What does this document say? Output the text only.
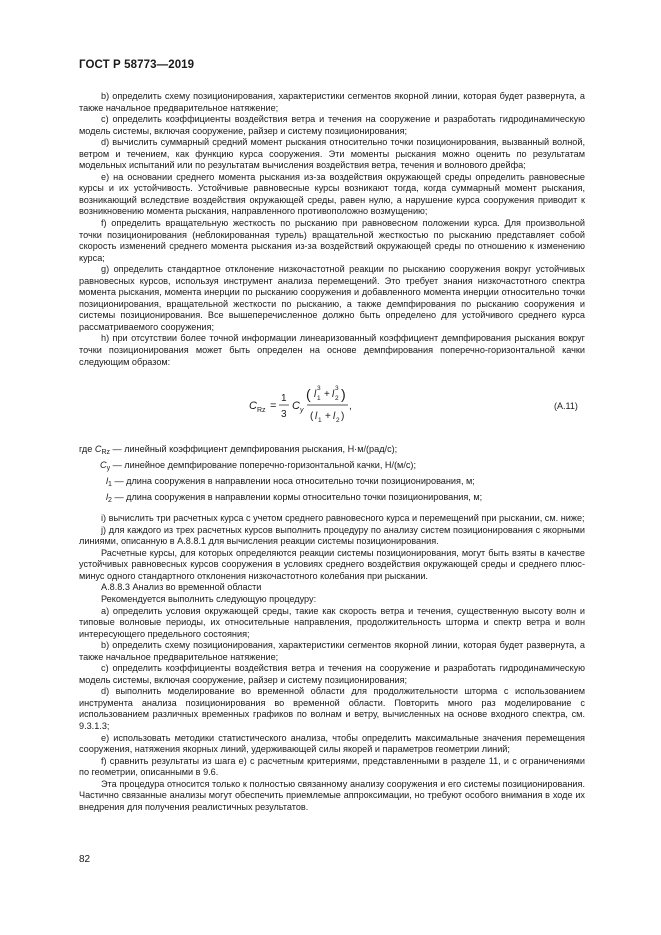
ГОСТ Р 58773—2019

b) определить схему позиционирования, характеристики сегментов якорной линии, которая будет развернута, а также начальное предварительное натяжение;

c) определить коэффициенты воздействия ветра и течения на сооружение и разработать гидродинамическую модель системы, включая сооружение, райзер и систему позиционирования;

d) вычислить суммарный средний момент рыскания относительно точки позиционирования, вызванный волной, ветром и течением, как функцию курса сооружения. Эти моменты рыскания можно оценить по результатам модельных испытаний или по результатам вычисления воздействия ветра, течения и волнового дрейфа;

e) на основании среднего момента рыскания из-за воздействия окружающей среды определить равновесные курсы и их устойчивость. Устойчивые равновесные курсы возникают тогда, когда суммарный момент рыскания, возникающий вследствие воздействия окружающей среды, равен нулю, а нарушение курса сооружения приводит к возникновению момента рыскания, направленного противоположно возмущению;

f) определить вращательную жесткость по рысканию при равновесном положении курса. Для произвольной точки позиционирования (неблокированная турель) вращательной жесткостью по рысканию представляет собой скорость изменений среднего момента рыскания из-за воздействий окружающей среды по отношению к изменению курса;

g) определить стандартное отклонение низкочастотной реакции по рысканию сооружения вокруг устойчивых равновесных курсов, используя инструмент анализа перемещений. Это требует знания низкочастотного спектра момента рыскания, момента инерции по рысканию сооружения и добавленного момента инерции относительно точки позиционирования, вращательной жесткости по рысканию, а также демпфирования по рысканию сооружения и системы позиционирования. Все вышеперечисленное должно быть определено для устойчивого среднего курса рассматриваемого сооружения;

h) при отсутствии более точной информации линеаризованный коэффициент демпфирования рыскания вокруг точки позиционирования может быть определен на основе демпфирования поперечно-горизонтальной качки следующим образом:

C Rz =
1
3
C y
( l 1
3
+ l 2
3 )
( l 1 + l 2 )
,	(A.11)
где $C_{Rz}$ — линейный коэффициент демпфирования рыскания, Н·м/(рад/с);
$C_y$ — линейное демпфирование поперечно-горизонтальной качки, Н/(м/с);
$l_1$ — длина сооружения в направлении носа относительно точки позиционирования, м;
$l_2$ — длина сооружения в направлении кормы относительно точки позиционирования, м;

i) вычислить три расчетных курса с учетом среднего равновесного курса и перемещений при рыскании, см. ниже;

j) для каждого из трех расчетных курсов выполнить процедуру по анализу систем позиционирования с якорными линиями, описанную в А.8.8.1 для вычисления реакции системы позиционирования.

Расчетные курсы, для которых определяются реакции системы позиционирования, могут быть взяты в качестве устойчивых равновесных курсов сооружения в условиях среднего воздействия окружающей среды и среднего плюс-минус одного стандартного отклонения низкочастотного колебания при рыскании.

А.8.8.3 Анализ во временной области

Рекомендуется выполнить следующую процедуру:

а) определить условия окружающей среды, такие как скорость ветра и течения, существенную высоту волн и типовые волновые периоды, их относительные направления, продолжительность шторма и спектр ветра и волн интересующего предельного состояния;

b) определить схему позиционирования, характеристики сегментов якорной линии, которая будет развернута, а также начальное предварительное натяжение;

c) определить коэффициенты воздействия ветра и течения на сооружение и разработать гидродинамическую модель системы, включая сооружение, райзер и систему позиционирования;

d) выполнить моделирование во временной области для продолжительности шторма с использованием инструмента анализа позиционирования во временной области. Повторить много раз моделирование с использованием различных временных графиков по волнам и ветру, вычисленных на основе входного спектра, см. 9.3.1.3;

e) использовать методики статистического анализа, чтобы определить максимальные значения перемещения сооружения, натяжения якорных линий, удерживающей силы якорей и параметров геометрии линий;

f) сравнить результаты из шага e) с расчетным критериями, представленными в разделе 11, и с ограничениями по геометрии, описанными в 9.6.

Эта процедура относится только к полностью связанному анализу сооружения и его системы позиционирования. Частично связанные анализы могут обеспечить приемлемые аппроксимации, но требуют особого внимания в ходе их внедрения для получения реалистичных результатов.

82
